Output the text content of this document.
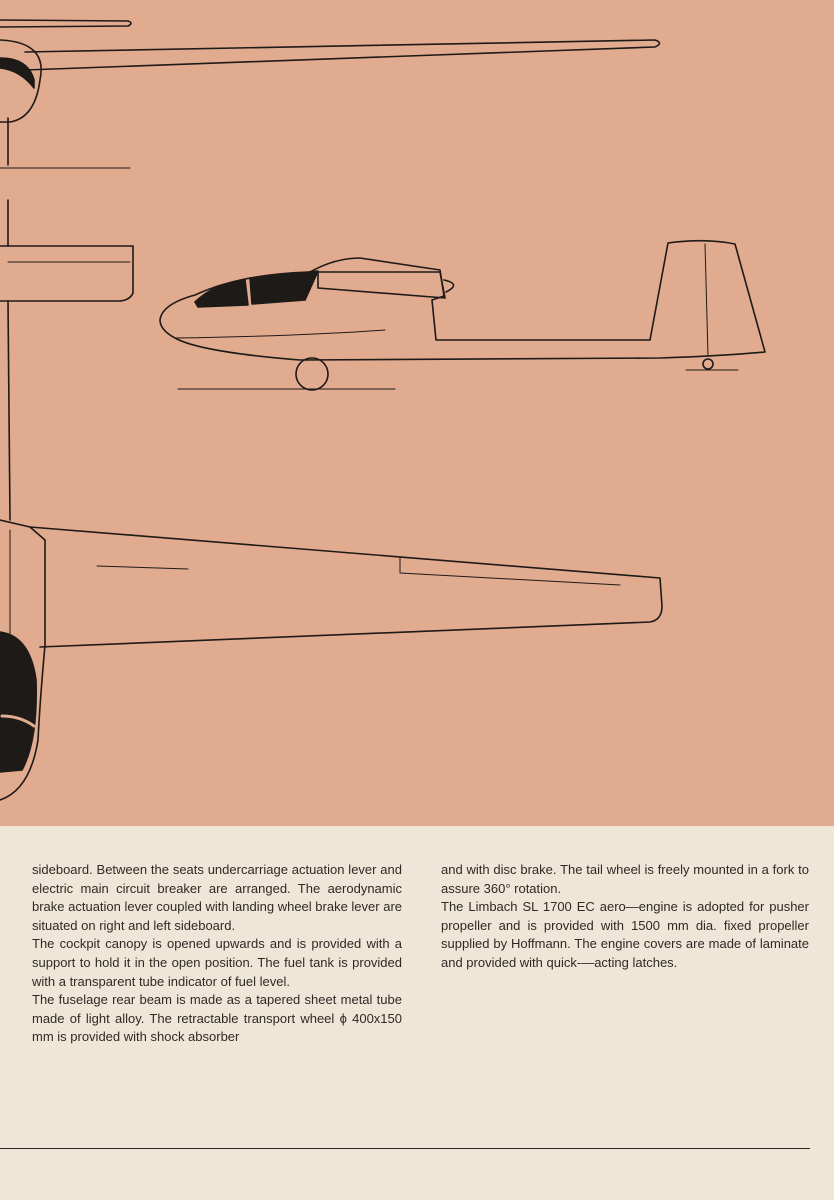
sideboard. Between the seats undercarriage actuation lever and electric main circuit breaker are arranged. The aerodynamic brake actuation lever coupled with landing wheel brake lever are situated on right and left sideboard.

The cockpit canopy is opened upwards and is provided with a support to hold it in the open position. The fuel tank is provided with a transparent tube indicator of fuel level.

The fuselage rear beam is made as a tapered sheet metal tube made of light alloy. The retractable transport wheel ϕ 400x150 mm is provided with shock absorber

and with disc brake. The tail wheel is freely mounted in a fork to assure 360° rotation.

The Limbach SL 1700 EC aero—engine is adopted for pusher propeller and is provided with 1500 mm dia. fixed propeller supplied by Hoffmann. The engine covers are made of laminate and provided with quick-—acting latches.
